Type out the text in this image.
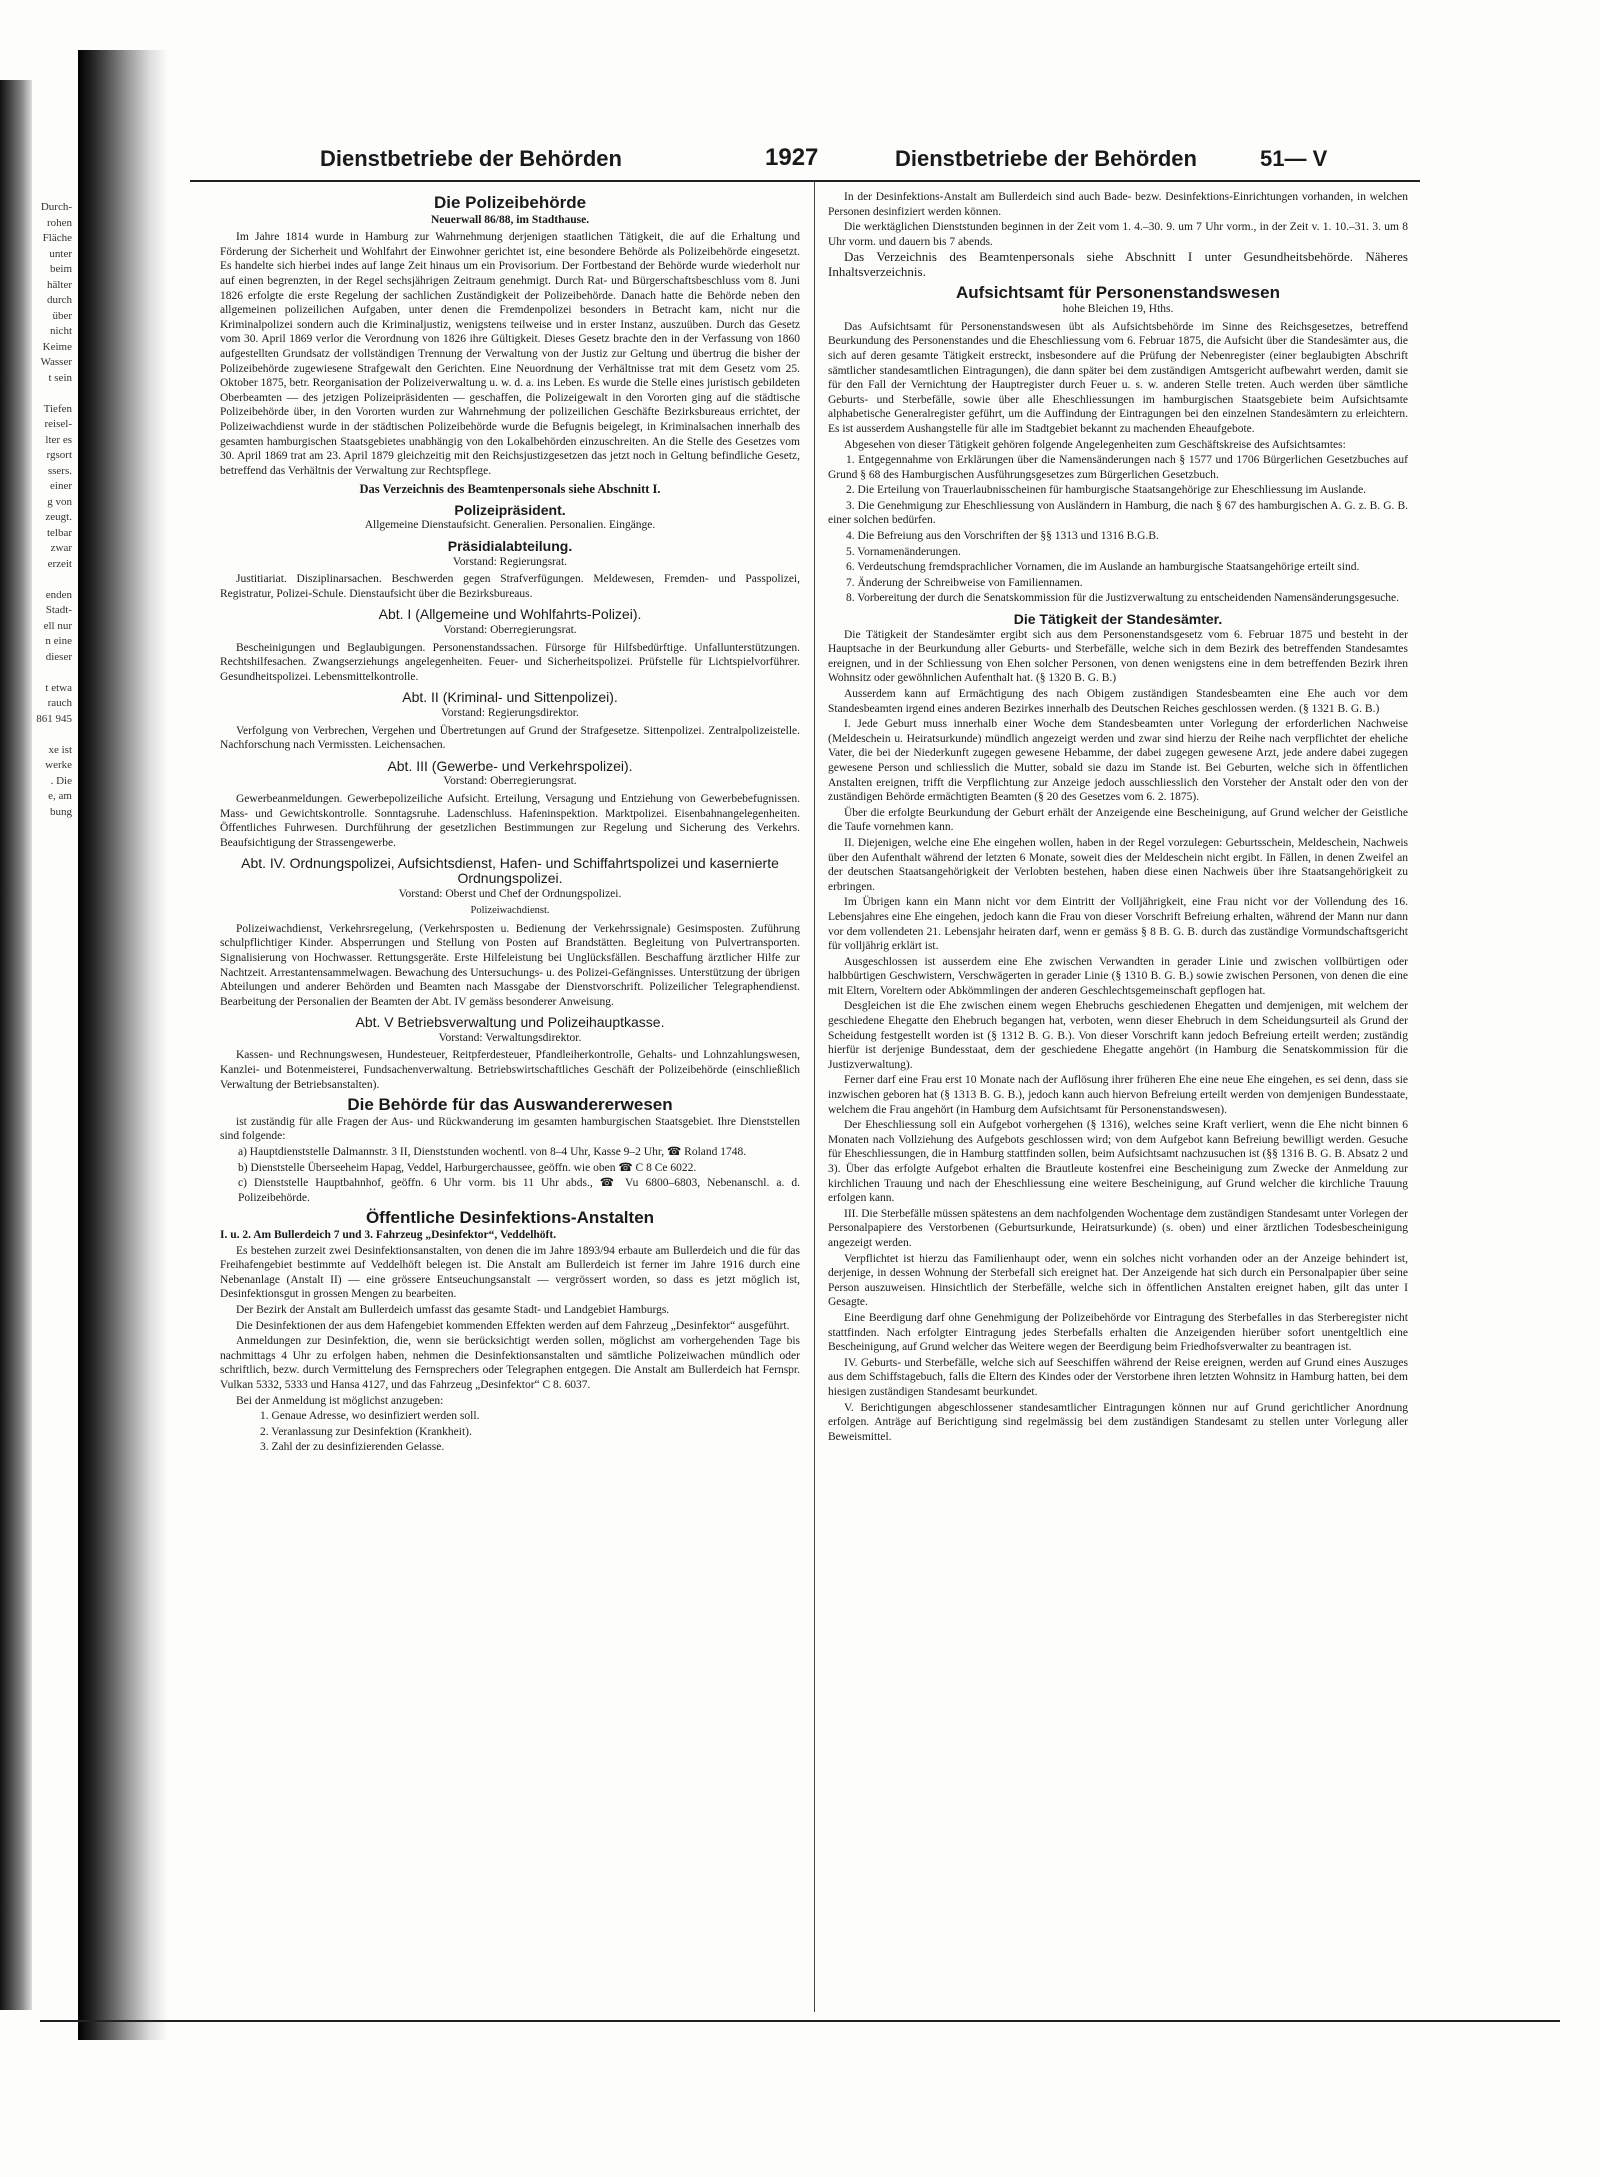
Durch-
rohen
Fläche
unter
beim
hälter
durch
über
nicht
Keime
Wasser
t sein

Tiefen
reisel-
lter es
rgsort
ssers.
einer
g von
zeugt.
telbar
zwar
erzeit

enden
Stadt-
ell nur
n eine
dieser

t etwa
rauch
861 945

xe ist
werke
. Die
e, am
bung
Dienstbetriebe der Behörden	1927	Dienstbetriebe der Behörden	51— V
Die Polizeibehörde
Neuerwall 86/88, im Stadthause.

Im Jahre 1814 wurde in Hamburg zur Wahrnehmung derjenigen staatlichen Tätigkeit, die auf die Erhaltung und Förderung der Sicherheit und Wohlfahrt der Einwohner gerichtet ist, eine besondere Behörde als Polizeibehörde eingesetzt. Es handelte sich hierbei indes auf lange Zeit hinaus um ein Provisorium. Der Fortbestand der Behörde wurde wiederholt nur auf einen begrenzten, in der Regel sechsjährigen Zeitraum genehmigt. Durch Rat- und Bürgerschaftsbeschluss vom 8. Juni 1826 erfolgte die erste Regelung der sachlichen Zuständigkeit der Polizeibehörde. Danach hatte die Behörde neben den allgemeinen polizeilichen Aufgaben, unter denen die Fremdenpolizei besonders in Betracht kam, nicht nur die Kriminalpolizei sondern auch die Kriminaljustiz, wenigstens teilweise und in erster Instanz, auszuüben. Durch das Gesetz vom 30. April 1869 verlor die Verordnung von 1826 ihre Gültigkeit. Dieses Gesetz brachte den in der Verfassung von 1860 aufgestellten Grundsatz der vollständigen Trennung der Verwaltung von der Justiz zur Geltung und übertrug die bisher der Polizeibehörde zugewiesene Strafgewalt den Gerichten. Eine Neuordnung der Verhältnisse trat mit dem Gesetz vom 25. Oktober 1875, betr. Reorganisation der Polizeiverwaltung u. w. d. a. ins Leben. Es wurde die Stelle eines juristisch gebildeten Oberbeamten — des jetzigen Polizeipräsidenten — geschaffen, die Polizeigewalt in den Vororten ging auf die städtische Polizeibehörde über, in den Vororten wurden zur Wahrnehmung der polizeilichen Geschäfte Bezirksbureaus errichtet, der Polizeiwachdienst wurde in der städtischen Polizeibehörde wurde die Befugnis beigelegt, in Kriminalsachen innerhalb des gesamten hamburgischen Staatsgebietes unabhängig von den Lokalbehörden einzuschreiten. An die Stelle des Gesetzes vom 30. April 1869 trat am 23. April 1879 gleichzeitig mit den Reichsjustizgesetzen das jetzt noch in Geltung befindliche Gesetz, betreffend das Verhältnis der Verwaltung zur Rechtspflege.

Das Verzeichnis des Beamtenpersonals siehe Abschnitt I.

Polizeipräsident.

Allgemeine Dienstaufsicht. Generalien. Personalien. Eingänge.

Präsidialabteilung.
Vorstand: Regierungsrat.

Justitiariat. Disziplinarsachen. Beschwerden gegen Strafverfügungen. Meldewesen, Fremden- und Passpolizei, Registratur, Polizei-Schule. Dienstaufsicht über die Bezirksbureaus.

Abt. I (Allgemeine und Wohlfahrts-Polizei).
Vorstand: Oberregierungsrat.

Bescheinigungen und Beglaubigungen. Personenstandssachen. Fürsorge für Hilfsbedürftige. Unfallunterstützungen. Rechtshilfesachen. Zwangserziehungs angelegenheiten. Feuer- und Sicherheitspolizei. Prüfstelle für Lichtspielvorführer. Gesundheitspolizei. Lebensmittelkontrolle.

Abt. II (Kriminal- und Sittenpolizei).
Vorstand: Regierungsdirektor.

Verfolgung von Verbrechen, Vergehen und Übertretungen auf Grund der Strafgesetze. Sittenpolizei. Zentralpolizeistelle. Nachforschung nach Vermissten. Leichensachen.

Abt. III (Gewerbe- und Verkehrspolizei).
Vorstand: Oberregierungsrat.

Gewerbeanmeldungen. Gewerbepolizeiliche Aufsicht. Erteilung, Versagung und Entziehung von Gewerbebefugnissen. Mass- und Gewichtskontrolle. Sonntagsruhe. Ladenschluss. Hafeninspektion. Marktpolizei. Eisenbahnangelegenheiten. Öffentliches Fuhrwesen. Durchführung der gesetzlichen Bestimmungen zur Regelung und Sicherung des Verkehrs. Beaufsichtigung der Strassengewerbe.

Abt. IV. Ordnungspolizei, Aufsichtsdienst, Hafen- und Schiffahrtspolizei und kasernierte Ordnungspolizei.
Vorstand: Oberst und Chef der Ordnungspolizei.
Polizeiwachdienst.

Polizeiwachdienst, Verkehrsregelung, (Verkehrsposten u. Bedienung der Verkehrssignale) Gesimsposten. Zuführung schulpflichtiger Kinder. Absperrungen und Stellung von Posten auf Brandstätten. Begleitung von Pulvertransporten. Signalisierung von Hochwasser. Rettungsgeräte. Erste Hilfeleistung bei Unglücksfällen. Beschaffung ärztlicher Hilfe zur Nachtzeit. Arrestantensammelwagen. Bewachung des Untersuchungs- u. des Polizei-Gefängnisses. Unterstützung der übrigen Abteilungen und anderer Behörden und Beamten nach Massgabe der Dienstvorschrift. Polizeilicher Telegraphendienst. Bearbeitung der Personalien der Beamten der Abt. IV gemäss besonderer Anweisung.

Abt. V Betriebsverwaltung und Polizeihauptkasse.
Vorstand: Verwaltungsdirektor.

Kassen- und Rechnungswesen, Hundesteuer, Reitpferdesteuer, Pfandleiherkontrolle, Gehalts- und Lohnzahlungswesen, Kanzlei- und Botenmeisterei, Fundsachenverwaltung. Betriebswirtschaftliches Geschäft der Polizeibehörde (einschließlich Verwaltung der Betriebsanstalten).

Die Behörde für das Auswandererwesen

ist zuständig für alle Fragen der Aus- und Rückwanderung im gesamten hamburgischen Staatsgebiet. Ihre Dienststellen sind folgende:

a) Hauptdienststelle Dalmannstr. 3 II, Dienststunden wochentl. von 8–4 Uhr, Kasse 9–2 Uhr, ☎ Roland 1748.

b) Dienststelle Überseeheim Hapag, Veddel, Harburgerchaussee, geöffn. wie oben ☎ C 8 Ce 6022.

c) Dienststelle Hauptbahnhof, geöffn. 6 Uhr vorm. bis 11 Uhr abds., ☎ Vu 6800–6803, Nebenanschl. a. d. Polizeibehörde.

Öffentliche Desinfektions-Anstalten

I. u. 2. Am Bullerdeich 7 und 3. Fahrzeug „Desinfektor“, Veddelhöft.

Es bestehen zurzeit zwei Desinfektionsanstalten, von denen die im Jahre 1893/94 erbaute am Bullerdeich und die für das Freihafengebiet bestimmte auf Veddelhöft belegen ist. Die Anstalt am Bullerdeich ist ferner im Jahre 1916 durch eine Nebenanlage (Anstalt II) — eine grössere Entseuchungsanstalt — vergrössert worden, so dass es jetzt möglich ist, Desinfektionsgut in grossen Mengen zu bearbeiten.

Der Bezirk der Anstalt am Bullerdeich umfasst das gesamte Stadt- und Landgebiet Hamburgs.

Die Desinfektionen der aus dem Hafengebiet kommenden Effekten werden auf dem Fahrzeug „Desinfektor“ ausgeführt.

Anmeldungen zur Desinfektion, die, wenn sie berücksichtigt werden sollen, möglichst am vorhergehenden Tage bis nachmittags 4 Uhr zu erfolgen haben, nehmen die Desinfektionsanstalten und sämtliche Polizeiwachen mündlich oder schriftlich, bezw. durch Vermittelung des Fernsprechers oder Telegraphen entgegen. Die Anstalt am Bullerdeich hat Fernspr. Vulkan 5332, 5333 und Hansa 4127, und das Fahrzeug „Desinfektor“ C 8. 6037.

Bei der Anmeldung ist möglichst anzugeben:

1. Genaue Adresse, wo desinfiziert werden soll.

2. Veranlassung zur Desinfektion (Krankheit).

3. Zahl der zu desinfizierenden Gelasse.

In der Desinfektions-Anstalt am Bullerdeich sind auch Bade- bezw. Desinfektions-Einrichtungen vorhanden, in welchen Personen desinfiziert werden können.

Die werktäglichen Dienststunden beginnen in der Zeit vom 1. 4.–30. 9. um 7 Uhr vorm., in der Zeit v. 1. 10.–31. 3. um 8 Uhr vorm. und dauern bis 7 abends.

Das Verzeichnis des Beamtenpersonals siehe Abschnitt I unter Gesundheitsbehörde. Näheres Inhaltsverzeichnis.

Aufsichtsamt für Personenstandswesen
hohe Bleichen 19, Hths.

Das Aufsichtsamt für Personenstandswesen übt als Aufsichtsbehörde im Sinne des Reichsgesetzes, betreffend Beurkundung des Personenstandes und die Eheschliessung vom 6. Februar 1875, die Aufsicht über die Standesämter aus, die sich auf deren gesamte Tätigkeit erstreckt, insbesondere auf die Prüfung der Nebenregister (einer beglaubigten Abschrift sämtlicher standesamtlichen Eintragungen), die dann später bei dem zuständigen Amtsgericht aufbewahrt werden, damit sie für den Fall der Vernichtung der Hauptregister durch Feuer u. s. w. anderen Stelle treten. Auch werden über sämtliche Geburts- und Sterbefälle, sowie über alle Eheschliessungen im hamburgischen Staatsgebiete beim Aufsichtsamte alphabetische Generalregister geführt, um die Auffindung der Eintragungen bei den einzelnen Standesämtern zu erleichtern. Es ist ausserdem Aushangstelle für alle im Stadtgebiet bekannt zu machenden Eheaufgebote.

Abgesehen von dieser Tätigkeit gehören folgende Angelegenheiten zum Geschäftskreise des Aufsichtsamtes:

1. Entgegennahme von Erklärungen über die Namensänderungen nach § 1577 und 1706 Bürgerlichen Gesetzbuches auf Grund § 68 des Hamburgischen Ausführungsgesetzes zum Bürgerlichen Gesetzbuch.

2. Die Erteilung von Trauerlaubnisscheinen für hamburgische Staatsangehörige zur Eheschliessung im Auslande.

3. Die Genehmigung zur Eheschliessung von Ausländern in Hamburg, die nach § 67 des hamburgischen A. G. z. B. G. B. einer solchen bedürfen.

4. Die Befreiung aus den Vorschriften der §§ 1313 und 1316 B.G.B.

5. Vornamenänderungen.

6. Verdeutschung fremdsprachlicher Vornamen, die im Auslande an hamburgische Staatsangehörige erteilt sind.

7. Änderung der Schreibweise von Familiennamen.

8. Vorbereitung der durch die Senatskommission für die Justizverwaltung zu entscheidenden Namensänderungsgesuche.

Die Tätigkeit der Standesämter.

Die Tätigkeit der Standesämter ergibt sich aus dem Personenstandsgesetz vom 6. Februar 1875 und besteht in der Hauptsache in der Beurkundung aller Geburts- und Sterbefälle, welche sich in dem Bezirk des betreffenden Standesamtes ereignen, und in der Schliessung von Ehen solcher Personen, von denen wenigstens eine in dem betreffenden Bezirk ihren Wohnsitz oder gewöhnlichen Aufenthalt hat. (§ 1320 B. G. B.)

Ausserdem kann auf Ermächtigung des nach Obigem zuständigen Standesbeamten eine Ehe auch vor dem Standesbeamten irgend eines anderen Bezirkes innerhalb des Deutschen Reiches geschlossen werden. (§ 1321 B. G. B.)

I. Jede Geburt muss innerhalb einer Woche dem Standesbeamten unter Vorlegung der erforderlichen Nachweise (Meldeschein u. Heiratsurkunde) mündlich angezeigt werden und zwar sind hierzu der Reihe nach verpflichtet der eheliche Vater, die bei der Niederkunft zugegen gewesene Hebamme, der dabei zugegen gewesene Arzt, jede andere dabei zugegen gewesene Person und schliesslich die Mutter, sobald sie dazu im Stande ist. Bei Geburten, welche sich in öffentlichen Anstalten ereignen, trifft die Verpflichtung zur Anzeige jedoch ausschliesslich den Vorsteher der Anstalt oder den von der zuständigen Behörde ermächtigten Beamten (§ 20 des Gesetzes vom 6. 2. 1875).

Über die erfolgte Beurkundung der Geburt erhält der Anzeigende eine Bescheinigung, auf Grund welcher der Geistliche die Taufe vornehmen kann.

II. Diejenigen, welche eine Ehe eingehen wollen, haben in der Regel vorzulegen: Geburtsschein, Meldeschein, Nachweis über den Aufenthalt während der letzten 6 Monate, soweit dies der Meldeschein nicht ergibt. In Fällen, in denen Zweifel an der deutschen Staatsangehörigkeit der Verlobten bestehen, haben diese einen Nachweis über ihre Staatsangehörigkeit zu erbringen.

Im Übrigen kann ein Mann nicht vor dem Eintritt der Volljährigkeit, eine Frau nicht vor der Vollendung des 16. Lebensjahres eine Ehe eingehen, jedoch kann die Frau von dieser Vorschrift Befreiung erhalten, während der Mann nur dann vor dem vollendeten 21. Lebensjahr heiraten darf, wenn er gemäss § 8 B. G. B. durch das zuständige Vormundschaftsgericht für volljährig erklärt ist.

Ausgeschlossen ist ausserdem eine Ehe zwischen Verwandten in gerader Linie und zwischen vollbürtigen oder halbbürtigen Geschwistern, Verschwägerten in gerader Linie (§ 1310 B. G. B.) sowie zwischen Personen, von denen die eine mit Eltern, Voreltern oder Abkömmlingen der anderen Geschlechtsgemeinschaft gepflogen hat.

Desgleichen ist die Ehe zwischen einem wegen Ehebruchs geschiedenen Ehegatten und demjenigen, mit welchem der geschiedene Ehegatte den Ehebruch begangen hat, verboten, wenn dieser Ehebruch in dem Scheidungsurteil als Grund der Scheidung festgestellt worden ist (§ 1312 B. G. B.). Von dieser Vorschrift kann jedoch Befreiung erteilt werden; zuständig hierfür ist derjenige Bundesstaat, dem der geschiedene Ehegatte angehört (in Hamburg die Senatskommission für die Justizverwaltung).

Ferner darf eine Frau erst 10 Monate nach der Auflösung ihrer früheren Ehe eine neue Ehe eingehen, es sei denn, dass sie inzwischen geboren hat (§ 1313 B. G. B.), jedoch kann auch hiervon Befreiung erteilt werden von demjenigen Bundesstaate, welchem die Frau angehört (in Hamburg dem Aufsichtsamt für Personenstandswesen).

Der Eheschliessung soll ein Aufgebot vorhergehen (§ 1316), welches seine Kraft verliert, wenn die Ehe nicht binnen 6 Monaten nach Vollziehung des Aufgebots geschlossen wird; von dem Aufgebot kann Befreiung bewilligt werden. Gesuche für Eheschliessungen, die in Hamburg stattfinden sollen, beim Aufsichtsamt nachzusuchen ist (§§ 1316 B. G. B. Absatz 2 und 3). Über das erfolgte Aufgebot erhalten die Brautleute kostenfrei eine Bescheinigung zum Zwecke der Anmeldung zur kirchlichen Trauung und nach der Eheschliessung eine weitere Bescheinigung, auf Grund welcher die kirchliche Trauung erfolgen kann.

III. Die Sterbefälle müssen spätestens an dem nachfolgenden Wochentage dem zuständigen Standesamt unter Vorlegen der Personalpapiere des Verstorbenen (Geburtsurkunde, Heiratsurkunde) (s. oben) und einer ärztlichen Todesbescheinigung angezeigt werden.

Verpflichtet ist hierzu das Familienhaupt oder, wenn ein solches nicht vorhanden oder an der Anzeige behindert ist, derjenige, in dessen Wohnung der Sterbefall sich ereignet hat. Der Anzeigende hat sich durch ein Personalpapier über seine Person auszuweisen. Hinsichtlich der Sterbefälle, welche sich in öffentlichen Anstalten ereignet haben, gilt das unter I Gesagte.

Eine Beerdigung darf ohne Genehmigung der Polizeibehörde vor Eintragung des Sterbefalles in das Sterberegister nicht stattfinden. Nach erfolgter Eintragung jedes Sterbefalls erhalten die Anzeigenden hierüber sofort unentgeltlich eine Bescheinigung, auf Grund welcher das Weitere wegen der Beerdigung beim Friedhofsverwalter zu beantragen ist.

IV. Geburts- und Sterbefälle, welche sich auf Seeschiffen während der Reise ereignen, werden auf Grund eines Auszuges aus dem Schiffstagebuch, falls die Eltern des Kindes oder der Verstorbene ihren letzten Wohnsitz in Hamburg hatten, bei dem hiesigen zuständigen Standesamt beurkundet.

V. Berichtigungen abgeschlossener standesamtlicher Eintragungen können nur auf Grund gerichtlicher Anordnung erfolgen. Anträge auf Berichtigung sind regelmässig bei dem zuständigen Standesamt zu stellen unter Vorlegung aller Beweismittel.
